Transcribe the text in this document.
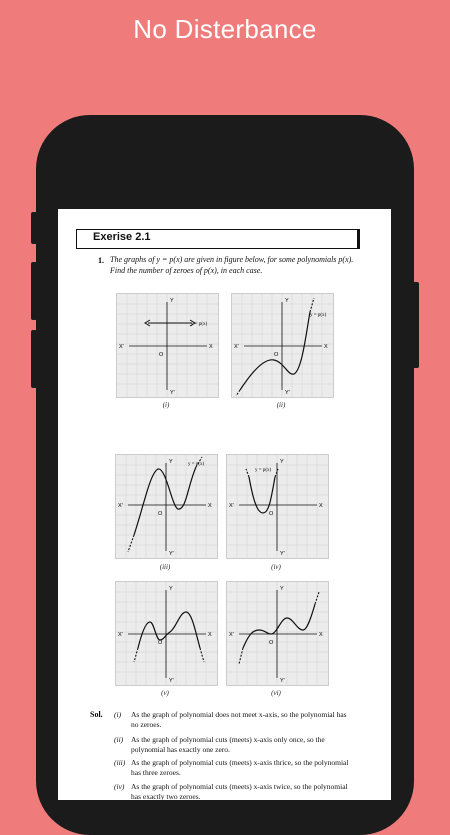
No Disterbance
Exerise 2.1
1. The graphs of y = p(x) are given in figure below, for some polynomials p(x). Find the number of zeroes of p(x), in each case.
y = p(x)
Y
X
X'
Y'
O
(i)
y = p(x)
Y
X
X'
Y'
O
(ii)
y = p(x)
Y
X
X'
Y'
O
(iii)
y = p(x)
Y
X
X'
Y'
O
(iv)
Y
X
X'
Y'
O
(v)
Y
X
X'
Y'
O
(vi)
Sol. (i) As the graph of polynomial does not meet x-axis, so the polynomial has no zeroes.
(ii) As the graph of polynomial cuts (meets) x-axis only once, so the polynomial has exactly one zero.
(iii) As the graph of polynomial cuts (meets) x-axis thrice, so the polynomial has three zeroes.
(iv) As the graph of polynomial cuts (meets) x-axis twice, so the polynomial has exactly two zeroes.
